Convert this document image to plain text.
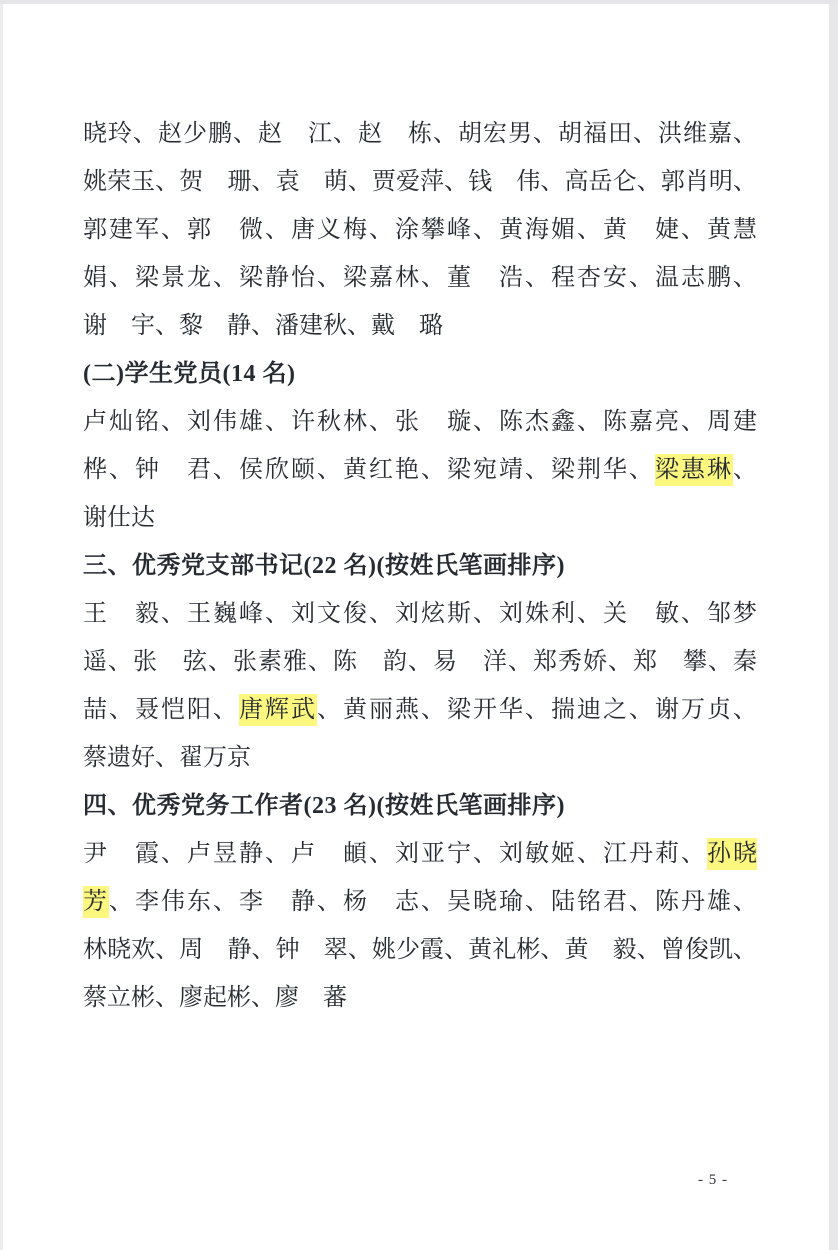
晓玲、赵少鹏、赵　江、赵　栋、胡宏男、胡福田、洪维嘉、
姚荣玉、贺　珊、袁　萌、贾爱萍、钱　伟、高岳仑、郭肖明、
郭建军、郭　微、唐义梅、涂攀峰、黄海媚、黄　婕、黄慧
娟、梁景龙、梁静怡、梁嘉林、董　浩、程杏安、温志鹏、
谢　宇、黎　静、潘建秋、戴　璐
(二)学生党员(14 名)
卢灿铭、刘伟雄、许秋林、张　璇、陈杰鑫、陈嘉亮、周建
桦、钟　君、侯欣颐、黄红艳、梁宛靖、梁荆华、梁惠琳、
谢仕达
三、优秀党支部书记(22 名)(按姓氏笔画排序)
王　毅、王巍峰、刘文俊、刘炫斯、刘姝利、关　敏、邹梦
遥、张　弦、张素雅、陈　韵、易　洋、郑秀娇、郑　攀、秦
喆、聂恺阳、唐辉武、黄丽燕、梁开华、揣迪之、谢万贞、
蔡遗好、翟万京
四、优秀党务工作者(23 名)(按姓氏笔画排序)
尹　霞、卢昱静、卢　頔、刘亚宁、刘敏姬、江丹莉、孙晓
芳、李伟东、李　静、杨　志、吴晓瑜、陆铭君、陈丹雄、
林晓欢、周　静、钟　翠、姚少霞、黄礼彬、黄　毅、曾俊凯、
蔡立彬、廖起彬、廖　蕃
- 5 -
